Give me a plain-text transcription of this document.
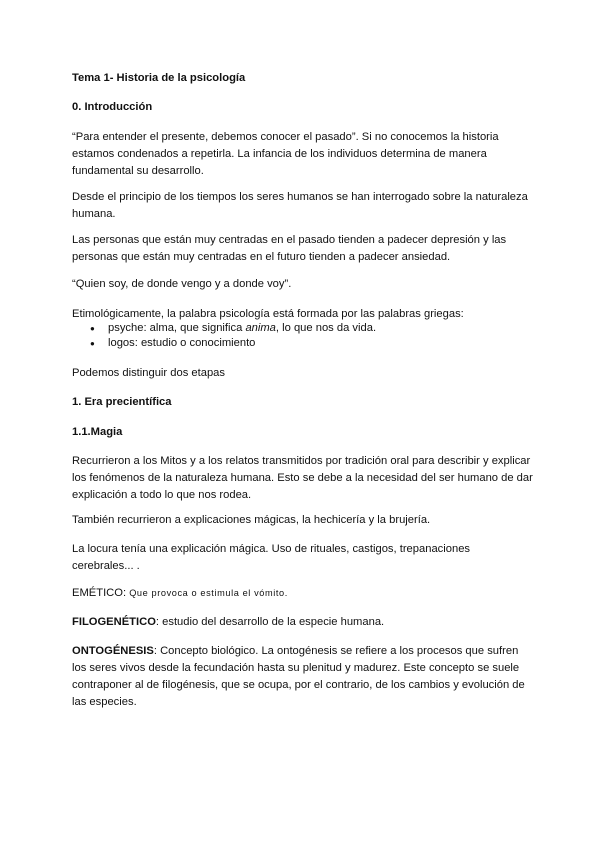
Tema 1- Historia de la psicología
0. Introducción
“Para entender el presente, debemos conocer el pasado”. Si no conocemos la historia estamos condenados a repetirla. La infancia de los individuos determina de manera fundamental su desarrollo.
Desde el principio de los tiempos los seres humanos se han interrogado sobre la naturaleza humana.
Las personas que están muy centradas en el pasado tienden a padecer depresión y las personas que están muy centradas en el futuro tienden a padecer ansiedad.
“Quien soy, de donde vengo y a donde voy”.
Etimológicamente, la palabra psicología está formada por las palabras griegas:
● psyche: alma, que significa anima, lo que nos da vida.
● logos: estudio o conocimiento
Podemos distinguir dos etapas
1. Era precientífica
1.1.Magia
Recurrieron a los Mitos y a los relatos transmitidos por tradición oral para describir y explicar los fenómenos de la naturaleza humana. Esto se debe a la necesidad del ser humano de dar explicación a todo lo que nos rodea.
También recurrieron a explicaciones mágicas, la hechicería y la brujería.
La locura tenía una explicación mágica. Uso de rituales, castigos, trepanaciones cerebrales... .
EMÉTICO: Que provoca o estimula el vómito.
FILOGENÉTICO: estudio del desarrollo de la especie humana.
ONTOGÉNESIS: Concepto biológico. La ontogénesis se refiere a los procesos que sufren los seres vivos desde la fecundación hasta su plenitud y madurez. Este concepto se suele contraponer al de filogénesis, que se ocupa, por el contrario, de los cambios y evolución de las especies.
